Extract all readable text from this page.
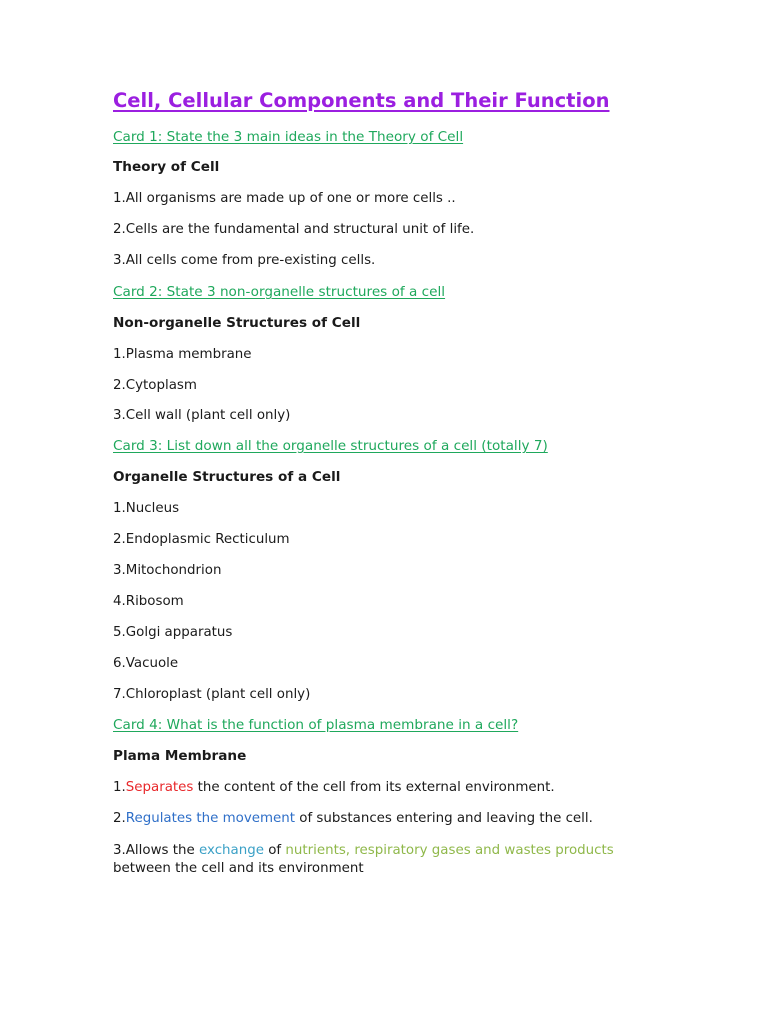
Cell, Cellular Components and Their Function
Card 1: State the 3 main ideas in the Theory of Cell
Theory of Cell
1.All organisms are made up of one or more cells ..
2.Cells are the fundamental and structural unit of life.
3.All cells come from pre-existing cells.
Card 2: State 3 non-organelle structures of a cell
Non-organelle Structures of Cell
1.Plasma membrane
2.Cytoplasm
3.Cell wall (plant cell only)
Card 3: List down all the organelle structures of a cell (totally 7)
Organelle Structures of a Cell
1.Nucleus
2.Endoplasmic Recticulum
3.Mitochondrion
4.Ribosom
5.Golgi apparatus
6.Vacuole
7.Chloroplast (plant cell only)
Card 4: What is the function of plasma membrane in a cell?
Plama Membrane
1.Separates the content of the cell from its external environment.
2.Regulates the movement of substances entering and leaving the cell.
3.Allows the exchange of nutrients, respiratory gases and wastes products
between the cell and its environment
